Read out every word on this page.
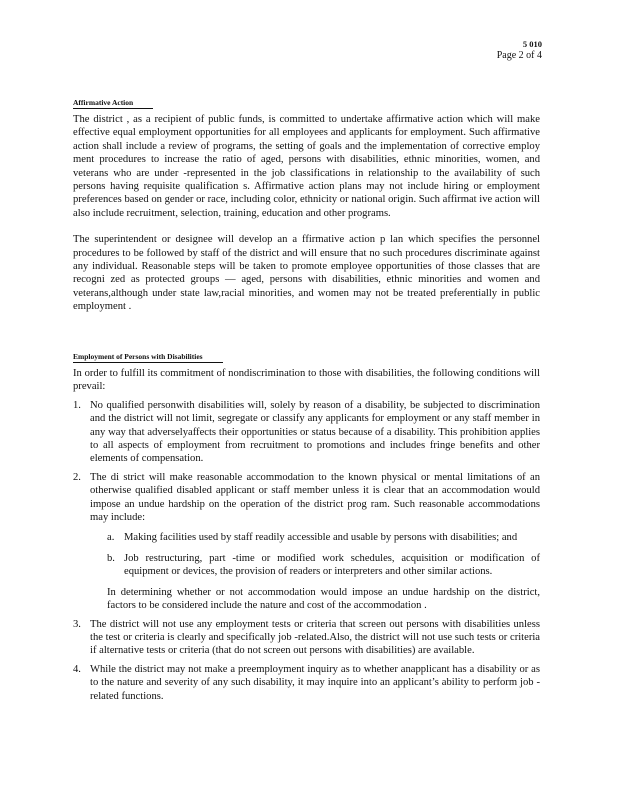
5 010
Page 2 of 4
Affirmative Action

The district , as a recipient of public funds, is committed to undertake affirmative action which will make effective equal employment opportunities for all employees and applicants for employment. Such affirmative action shall include a review of programs, the setting of goals and the implementation of corrective employ ment procedures to increase the ratio of aged, persons with disabilities, ethnic minorities, women, and veterans who are under -represented in the job classifications in relationship to the availability of such persons having requisite qualification s. Affirmative action plans may not include hiring or employment preferences based on gender or race, including color, ethnicity or national origin. Such affirmat ive action will also include recruitment, selection, training, education and other programs.

The superintendent or designee will develop an a ffirmative action p lan which specifies the personnel procedures to be followed by staff of the district and will ensure that no such procedures discriminate against any individual. Reasonable steps will be taken to promote employee opportunities of those classes that are recogni zed as protected groups — aged, persons with disabilities, ethnic minorities and women and veterans,although under state law,racial minorities, and women may not be treated preferentially in public employment .

Employment of Persons with Disabilities

In order to fulfill its commitment of nondiscrimination to those with disabilities, the following conditions will prevail:

1. No qualified personwith disabilities will, solely by reason of a disability, be subjected to discrimination and the district will not limit, segregate or classify any applicants for employment or any staff member in any way that adverselyaffects their opportunities or status because of a disability. This prohibition applies to all aspects of employment from recruitment to promotions and includes fringe benefits and other elements of compensation.

2. The di strict will make reasonable accommodation to the known physical or mental limitations of an otherwise qualified disabled applicant or staff member unless it is clear that an accommodation would impose an undue hardship on the operation of the district prog ram. Such reasonable accommodations may include:

a. Making facilities used by staff readily accessible and usable by persons with disabilities; and

b. Job restructuring, part -time or modified work schedules, acquisition or modification of equipment or devices, the provision of readers or interpreters and other similar actions.

In determining whether or not accommodation would impose an undue hardship on the district, factors to be considered include the nature and cost of the accommodation .

3. The district will not use any employment tests or criteria that screen out persons with disabilities unless the test or criteria is clearly and specifically job -related.Also, the district will not use such tests or criteria if alternative tests or criteria (that do not screen out persons with disabilities) are available.

4. While the district may not make a preemployment inquiry as to whether anapplicant has a disability or as to the nature and severity of any such disability, it may inquire into an applicant’s ability to perform job -related functions.
